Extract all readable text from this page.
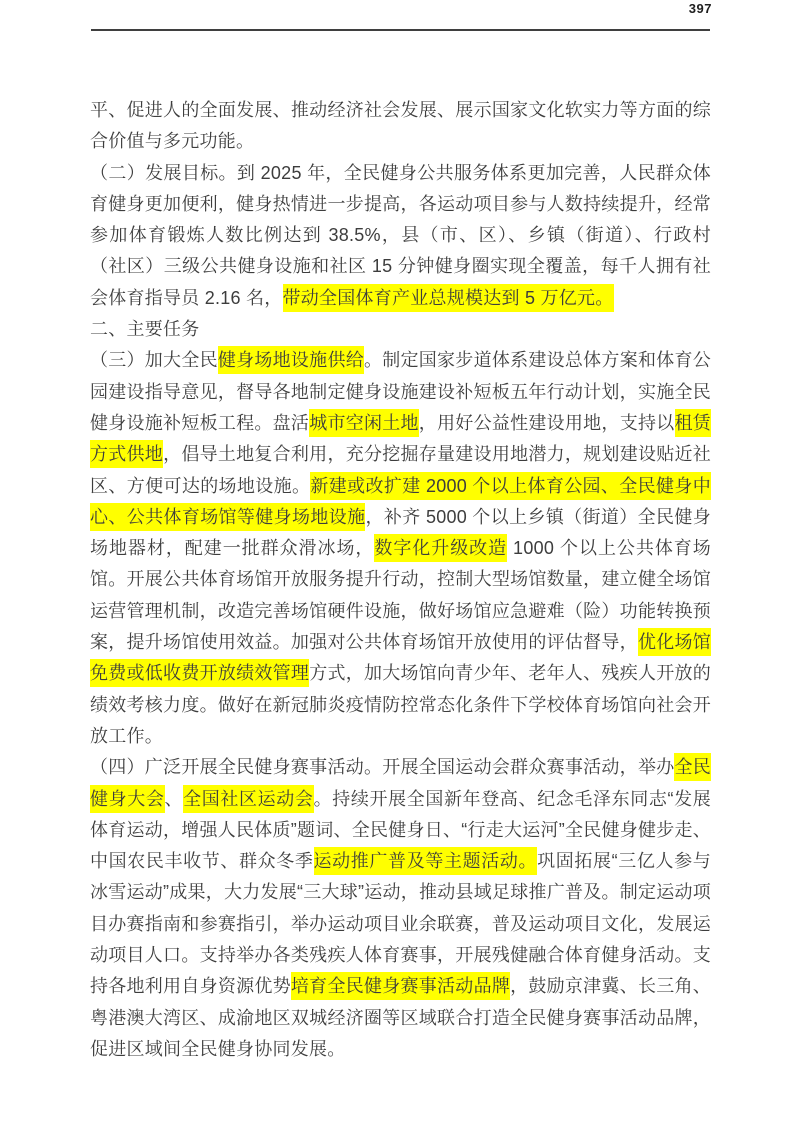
397

平、促进人的全面发展、推动经济社会发展、展示国家文化软实力等方面的综合价值与多元功能。

（二）发展目标。到 2025 年，全民健身公共服务体系更加完善，人民群众体育健身更加便利，健身热情进一步提高，各运动项目参与人数持续提升，经常参加体育锻炼人数比例达到 38.5%，县（市、区）、乡镇（街道）、行政村（社区）三级公共健身设施和社区 15 分钟健身圈实现全覆盖，每千人拥有社会体育指导员 2.16 名，带动全国体育产业总规模达到 5 万亿元。

二、主要任务

（三）加大全民健身场地设施供给。制定国家步道体系建设总体方案和体育公园建设指导意见，督导各地制定健身设施建设补短板五年行动计划，实施全民健身设施补短板工程。盘活城市空闲土地，用好公益性建设用地，支持以租赁方式供地，倡导土地复合利用，充分挖掘存量建设用地潜力，规划建设贴近社区、方便可达的场地设施。新建或改扩建 2000 个以上体育公园、全民健身中心、公共体育场馆等健身场地设施，补齐 5000 个以上乡镇（街道）全民健身场地器材，配建一批群众滑冰场，数字化升级改造 1000 个以上公共体育场馆。开展公共体育场馆开放服务提升行动，控制大型场馆数量，建立健全场馆运营管理机制，改造完善场馆硬件设施，做好场馆应急避难（险）功能转换预案，提升场馆使用效益。加强对公共体育场馆开放使用的评估督导，优化场馆免费或低收费开放绩效管理方式，加大场馆向青少年、老年人、残疾人开放的绩效考核力度。做好在新冠肺炎疫情防控常态化条件下学校体育场馆向社会开放工作。

（四）广泛开展全民健身赛事活动。开展全国运动会群众赛事活动，举办全民健身大会、全国社区运动会。持续开展全国新年登高、纪念毛泽东同志“发展体育运动，增强人民体质”题词、全民健身日、“行走大运河”全民健身健步走、中国农民丰收节、群众冬季运动推广普及等主题活动。巩固拓展“三亿人参与冰雪运动”成果，大力发展“三大球”运动，推动县域足球推广普及。制定运动项目办赛指南和参赛指引，举办运动项目业余联赛，普及运动项目文化，发展运动项目人口。支持举办各类残疾人体育赛事，开展残健融合体育健身活动。支持各地利用自身资源优势培育全民健身赛事活动品牌，鼓励京津冀、长三角、粤港澳大湾区、成渝地区双城经济圈等区域联合打造全民健身赛事活动品牌，促进区域间全民健身协同发展。
